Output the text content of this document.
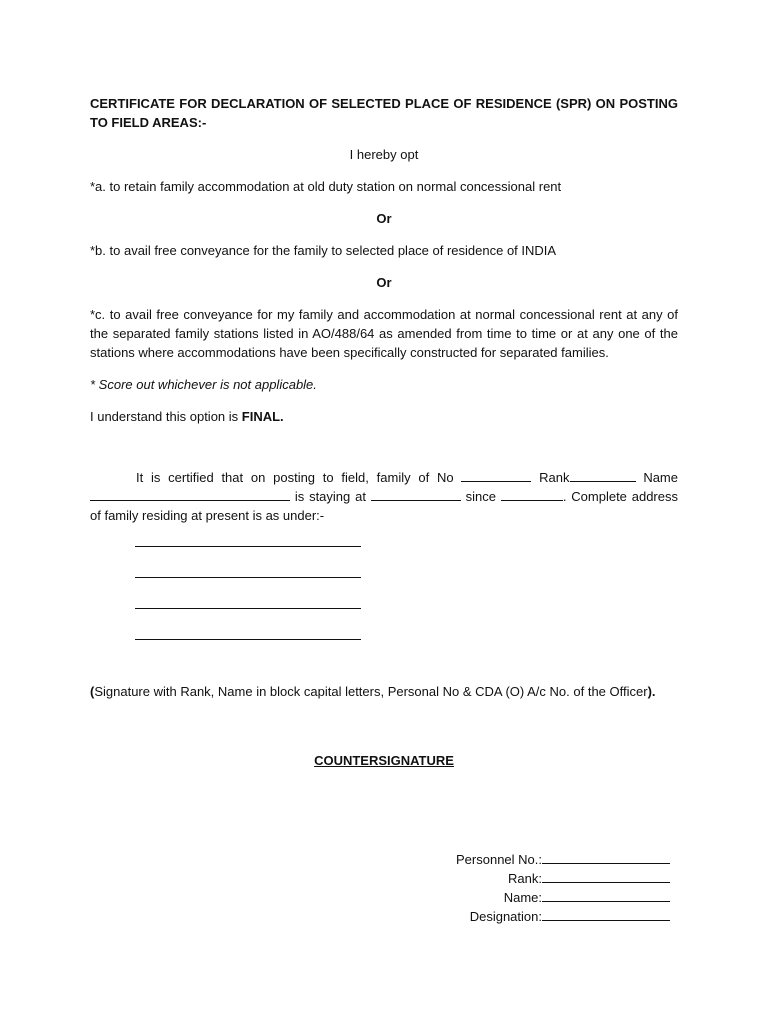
CERTIFICATE FOR DECLARATION OF SELECTED PLACE OF RESIDENCE (SPR) ON POSTING TO FIELD AREAS:-

I hereby opt

*a. to retain family accommodation at old duty station on normal concessional rent

Or

*b. to avail free conveyance for the family to selected place of residence of INDIA

Or

*c. to avail free conveyance for my family and accommodation at normal concessional rent at any of the separated family stations listed in AO/488/64 as amended from time to time or at any one of the stations where accommodations have been specifically constructed for separated families.

* Score out whichever is not applicable.

I understand this option is FINAL.

It is certified that on posting to field, family of No	Rank	Name is staying at	since	. Complete address of family residing at present is as under:-

(Signature with Rank, Name in block capital letters, Personal No & CDA (O) A/c No. of the Officer).

COUNTERSIGNATURE

Personnel No.:
Rank:
Name:
Designation:
